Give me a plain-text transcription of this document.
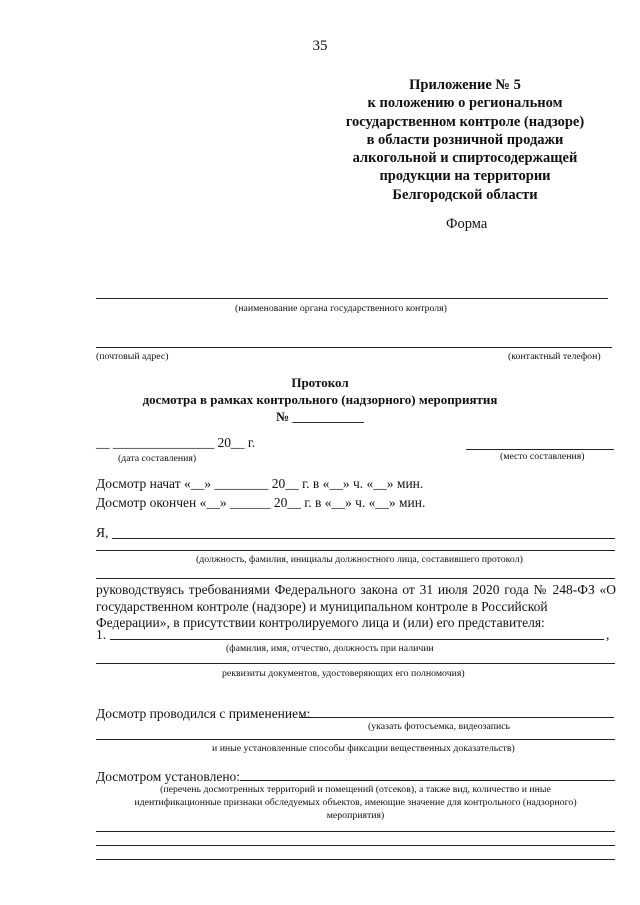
35
Приложение № 5
к положению о региональном
государственном контроле (надзоре)
в области розничной продажи
алкогольной и спиртосодержащей
продукции на территории
Белгородской области
Форма
(наименование органа государственного контроля)
(почтовый адрес)	(контактный телефон)
Протокол
досмотра в рамках контрольного (надзорного) мероприятия
№ ___________
__ _______________ 20__ г.
(дата составления)	(место составления)
Досмотр начат «__» ________ 20__ г. в «__» ч. «__» мин.
Досмотр окончен «__» ______ 20__ г. в «__» ч. «__» мин.
Я,
(должность, фамилия, инициалы должностного лица, составившего протокол)
руководствуясь требованиями Федерального закона от 31 июля 2020 года № 248-ФЗ «О государственном контроле (надзоре) и муниципальном контроле в Российской
Федерации», в присутствии контролируемого лица и (или) его представителя:
1.	,
(фамилия, имя, отчество, должность при наличии
реквизиты документов, удостоверяющих его полномочия)
Досмотр проводился с применением:
(указать фотосъемка, видеозапись
и иные установленные способы фиксации вещественных доказательств)
Досмотром установлено:
(перечень досмотренных территорий и помещений (отсеков), а также вид, количество и иные
идентификационные признаки обследуемых объектов, имеющие значение для контрольного (надзорного)
мероприятия)
